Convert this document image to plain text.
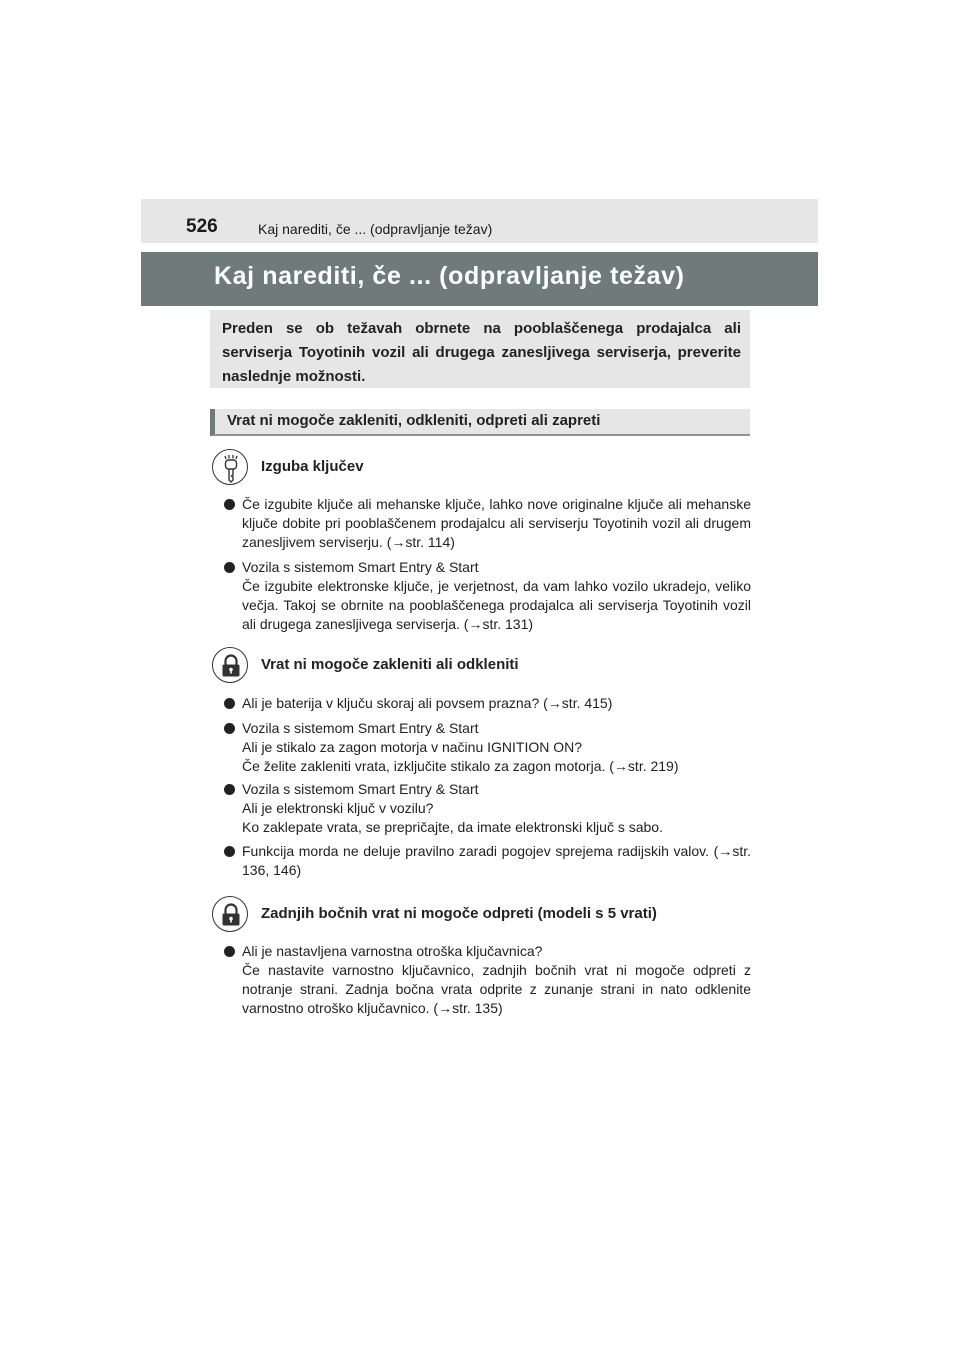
526	Kaj narediti, če ... (odpravljanje težav)
Kaj narediti, če ... (odpravljanje težav)
Preden se ob težavah obrnete na pooblaščenega prodajalca ali serviserja Toyotinih vozil ali drugega zanesljivega serviserja, preverite naslednje možnosti.
Vrat ni mogoče zakleniti, odkleniti, odpreti ali zapreti
Izguba ključev
Če izgubite ključe ali mehanske ključe, lahko nove originalne ključe ali mehanske ključe dobite pri pooblaščenem prodajalcu ali serviserju Toyotinih vozil ali drugem zanesljivem serviserju. (→str. 114)
Vozila s sistemom Smart Entry & Start
Če izgubite elektronske ključe, je verjetnost, da vam lahko vozilo ukradejo, veliko večja. Takoj se obrnite na pooblaščenega prodajalca ali serviserja Toyotinih vozil ali drugega zanesljivega serviserja. (→str. 131)
Vrat ni mogoče zakleniti ali odkleniti
Ali je baterija v ključu skoraj ali povsem prazna? (→str. 415)
Vozila s sistemom Smart Entry & Start
Ali je stikalo za zagon motorja v načinu IGNITION ON?
Če želite zakleniti vrata, izključite stikalo za zagon motorja. (→str. 219)
Vozila s sistemom Smart Entry & Start
Ali je elektronski ključ v vozilu?
Ko zaklepate vrata, se prepričajte, da imate elektronski ključ s sabo.
Funkcija morda ne deluje pravilno zaradi pogojev sprejema radijskih valov. (→str. 136, 146)
Zadnjih bočnih vrat ni mogoče odpreti (modeli s 5 vrati)
Ali je nastavljena varnostna otroška ključavnica?
Če nastavite varnostno ključavnico, zadnjih bočnih vrat ni mogoče odpreti z notranje strani. Zadnja bočna vrata odprite z zunanje strani in nato odklenite varnostno otroško ključavnico. (→str. 135)
